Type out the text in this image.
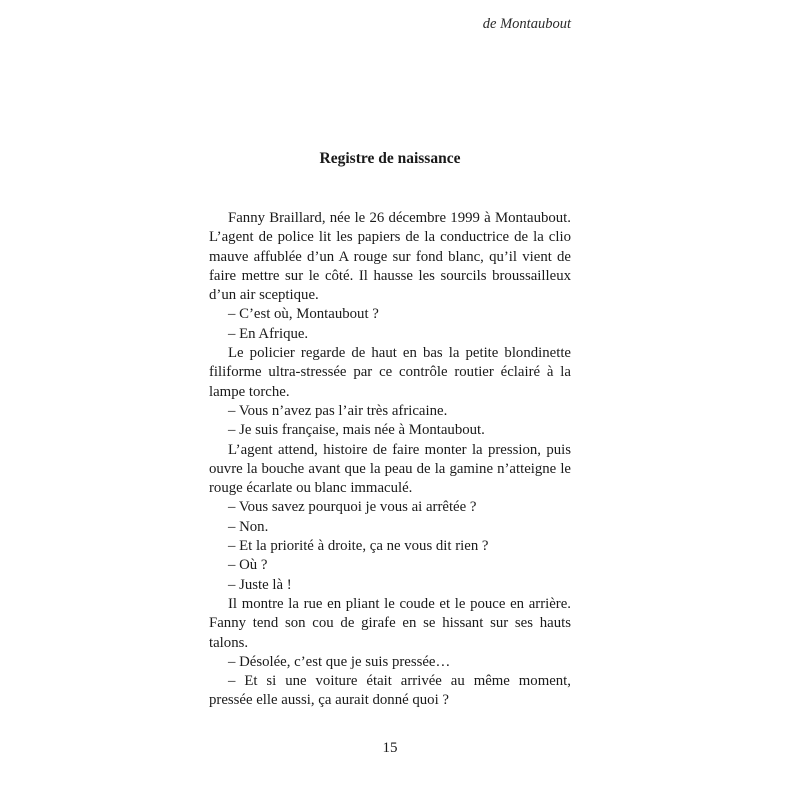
de Montaubout
Registre de naissance

Fanny Braillard, née le 26 décembre 1999 à Montaubout. L’agent de police lit les papiers de la conductrice de la clio mauve affublée d’un A rouge sur fond blanc, qu’il vient de faire mettre sur le côté. Il hausse les sourcils broussailleux d’un air sceptique.

– C’est où, Montaubout ?

– En Afrique.

Le policier regarde de haut en bas la petite blondinette filiforme ultra-stressée par ce contrôle routier éclairé à la lampe torche.

– Vous n’avez pas l’air très africaine.

– Je suis française, mais née à Montaubout.

L’agent attend, histoire de faire monter la pression, puis ouvre la bouche avant que la peau de la gamine n’atteigne le rouge écarlate ou blanc immaculé.

– Vous savez pourquoi je vous ai arrêtée ?

– Non.

– Et la priorité à droite, ça ne vous dit rien ?

– Où ?

– Juste là !

Il montre la rue en pliant le coude et le pouce en arrière. Fanny tend son cou de girafe en se hissant sur ses hauts talons.

– Désolée, c’est que je suis pressée…

– Et si une voiture était arrivée au même moment, pressée elle aussi, ça aurait donné quoi ?

15
